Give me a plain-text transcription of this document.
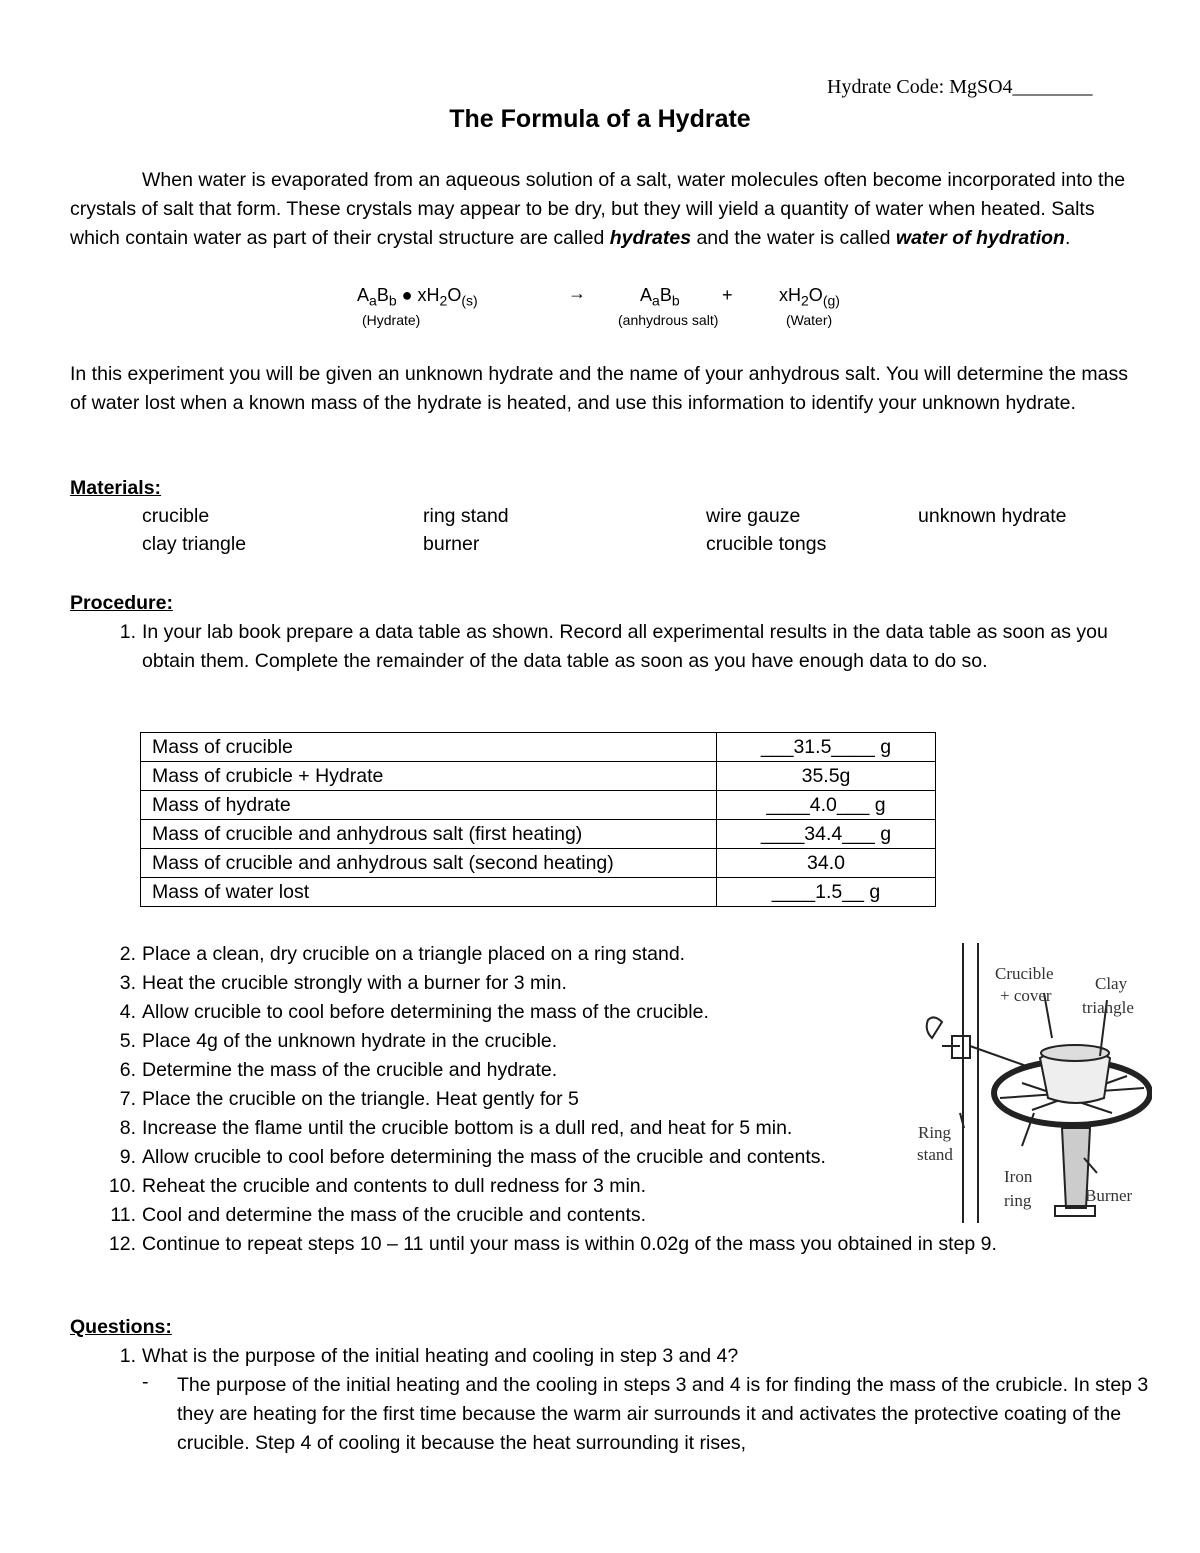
Hydrate Code: MgSO4________
The Formula of a Hydrate

When water is evaporated from an aqueous solution of a salt, water molecules often become incorporated into the crystals of salt that form. These crystals may appear to be dry, but they will yield a quantity of water when heated. Salts which contain water as part of their crystal structure are called hydrates and the water is called water of hydration.

$A_aB_b$ ● $xH_2O_{(s)}$	→	$A_aB_b$ +	$xH_2O_{(g)}$
(Hydrate)	(anhydrous salt)	(Water)

In this experiment you will be given an unknown hydrate and the name of your anhydrous salt. You will determine the mass of water lost when a known mass of the hydrate is heated, and use this information to identify your unknown hydrate.

Materials:
crucible	ring stand	wire gauze	unknown hydrate
clay triangle	burner	crucible tongs
Procedure:
1. In your lab book prepare a data table as shown. Record all experimental results in the data table as soon as you obtain them. Complete the remainder of the data table as soon as you have enough data to do so.
Mass of crucible	___31.5____ g
Mass of crubicle + Hydrate	35.5g
Mass of hydrate	____4.0___ g
Mass of crucible and anhydrous salt (first heating)	____34.4___ g
Mass of crucible and anhydrous salt (second heating)	34.0
Mass of water lost	____1.5__ g
2. Place a clean, dry crucible on a triangle placed on a ring stand.
3. Heat the crucible strongly with a burner for 3 min.
4. Allow crucible to cool before determining the mass of the crucible.
5. Place 4g of the unknown hydrate in the crucible.
6. Determine the mass of the crucible and hydrate.
7. Place the crucible on the triangle. Heat gently for 5
8. Increase the flame until the crucible bottom is a dull red, and heat for 5 min.
9. Allow crucible to cool before determining the mass of the crucible and contents.
10. Reheat the crucible and contents to dull redness for 3 min.
11. Cool and determine the mass of the crucible and contents.
12. Continue to repeat steps 10 – 11 until your mass is within 0.02g of the mass you obtained in step 9.
Crucible
+ cover
Clay
triangle
Ring
stand
Iron
ring	Burner
Questions:
1. What is the purpose of the initial heating and cooling in step 3 and 4?
- The purpose of the initial heating and the cooling in steps 3 and 4 is for finding the mass of the crubicle. In step 3 they are heating for the first time because the warm air surrounds it and activates the protective coating of the crucible. Step 4 of cooling it because the heat surrounding it rises,
